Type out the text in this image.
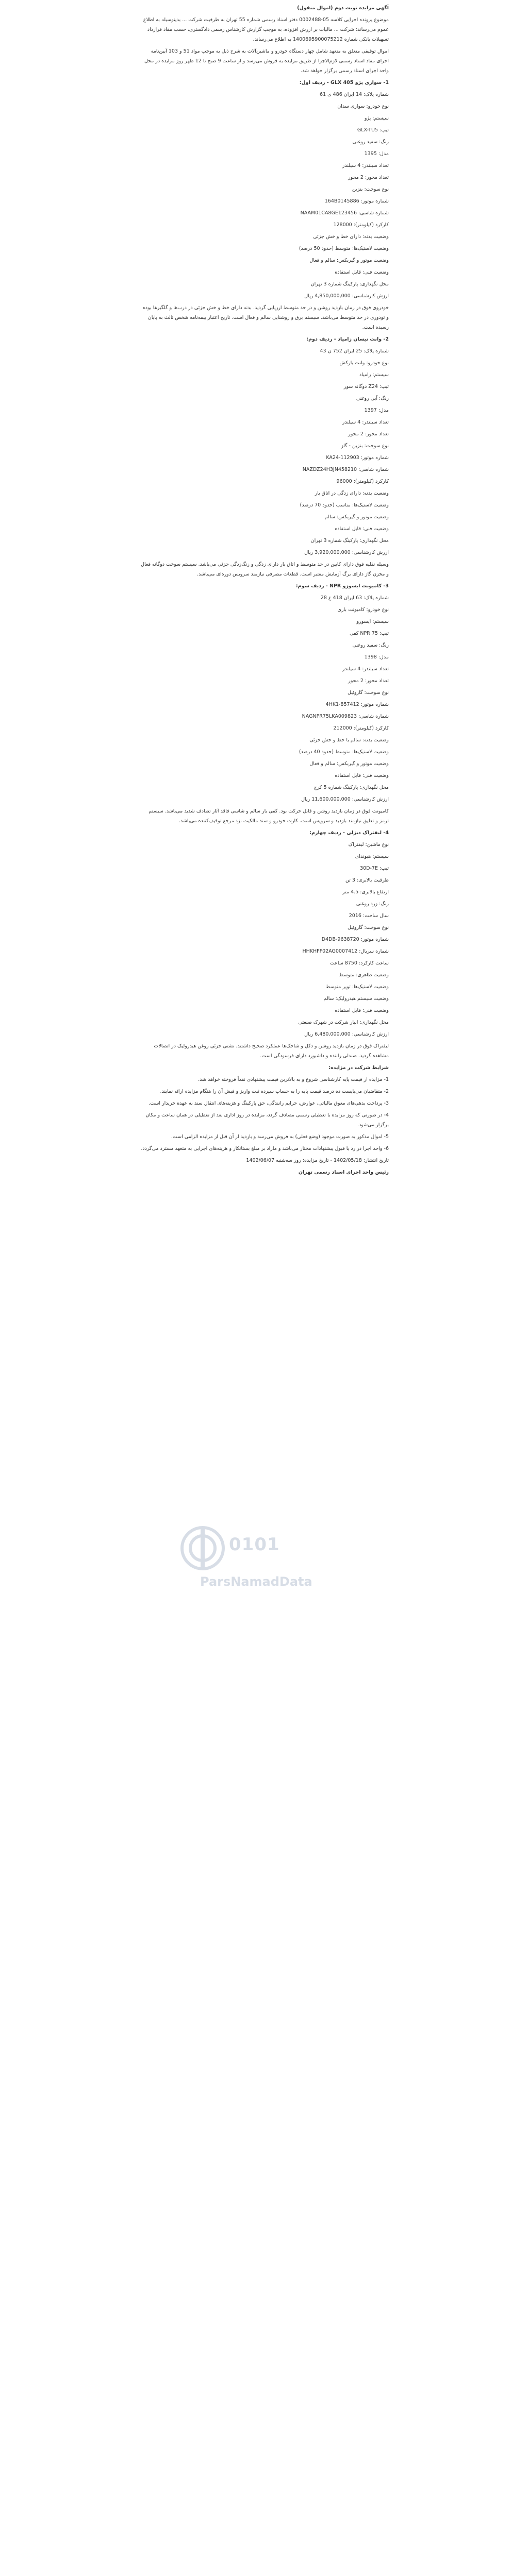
آگهی مزایده نوبت دوم (اموال منقول)

موضوع پرونده اجرایی کلاسه 05-0002488 دفتر اسناد رسمی شماره 55 تهران به طرفیت شرکت ... بدینوسیله به اطلاع عموم می‌رساند: شرکت ... مالیات بر ارزش افزوده، به موجب گزارش کارشناس رسمی دادگستری، حسب مفاد قرارداد تسهیلات بانکی شماره 1400695900075212 به اطلاع می‌رساند.

اموال توقیفی متعلق به متعهد شامل چهار دستگاه خودرو و ماشین‌آلات به شرح ذیل به موجب مواد 51 و 103 آیین‌نامه اجرای مفاد اسناد رسمی لازم‌الاجرا از طریق مزایده به فروش می‌رسد و از ساعت 9 صبح تا 12 ظهر روز مزایده در محل واحد اجرای اسناد رسمی برگزار خواهد شد.

1- سواری پژو 405 GLX - ردیف اول:

شماره پلاک: 14 ایران 486 ی 61

نوع خودرو: سواری سدان

سیستم: پژو

تیپ: GLX-TU5

رنگ: سفید روغنی

مدل: 1395

تعداد سیلندر: 4 سیلندر

تعداد محور: 2 محور

نوع سوخت: بنزین

شماره موتور: 164B0145886

شماره شاسی: NAAM01CA8GE123456

کارکرد (کیلومتر): 128000

وضعیت بدنه: دارای خط و خش جزئی

وضعیت لاستیک‌ها: متوسط (حدود 50 درصد)

وضعیت موتور و گیربکس: سالم و فعال

وضعیت فنی: قابل استفاده

محل نگهداری: پارکینگ شماره 3 تهران

ارزش کارشناسی: 4,850,000,000 ریال

خودروی فوق در زمان بازدید روشن و در حد متوسط ارزیابی گردید. بدنه دارای خط و خش جزئی در درب‌ها و گلگیرها بوده و تودوزی در حد متوسط می‌باشد. سیستم برق و روشنایی سالم و فعال است. تاریخ اعتبار بیمه‌نامه شخص ثالث به پایان رسیده است.

2- وانت نیسان زامیاد - ردیف دوم:

شماره پلاک: 25 ایران 752 ن 43

نوع خودرو: وانت بارکش

سیستم: زامیاد

تیپ: Z24 دوگانه سوز

رنگ: آبی روغنی

مدل: 1397

تعداد سیلندر: 4 سیلندر

تعداد محور: 2 محور

نوع سوخت: بنزین - گاز

شماره موتور: KA24-112903

شماره شاسی: NAZDZ24H3JN458210

کارکرد (کیلومتر): 96000

وضعیت بدنه: دارای زدگی در اتاق بار

وضعیت لاستیک‌ها: مناسب (حدود 70 درصد)

وضعیت موتور و گیربکس: سالم

وضعیت فنی: قابل استفاده

محل نگهداری: پارکینگ شماره 3 تهران

ارزش کارشناسی: 3,920,000,000 ریال

وسیله نقلیه فوق دارای کابین در حد متوسط و اتاق بار دارای زدگی و زنگ‌زدگی جزئی می‌باشد. سیستم سوخت دوگانه فعال و مخزن گاز دارای برگ آزمایش معتبر است. قطعات مصرفی نیازمند سرویس دوره‌ای می‌باشد.

3- کامیونت ایسوزو NPR - ردیف سوم:

شماره پلاک: 63 ایران 418 ع 28

نوع خودرو: کامیونت باری

سیستم: ایسوزو

تیپ: NPR 75 کفی

رنگ: سفید روغنی

مدل: 1398

تعداد سیلندر: 4 سیلندر

تعداد محور: 2 محور

نوع سوخت: گازوئیل

شماره موتور: 4HK1-857412

شماره شاسی: NAGNPR75LKA009823

کارکرد (کیلومتر): 212000

وضعیت بدنه: سالم با خط و خش جزئی

وضعیت لاستیک‌ها: متوسط (حدود 40 درصد)

وضعیت موتور و گیربکس: سالم و فعال

وضعیت فنی: قابل استفاده

محل نگهداری: پارکینگ شماره 5 کرج

ارزش کارشناسی: 11,600,000,000 ریال

کامیونت فوق در زمان بازدید روشن و قابل حرکت بود. کفی بار سالم و شاسی فاقد آثار تصادف شدید می‌باشد. سیستم ترمز و تعلیق نیازمند بازدید و سرویس است. کارت خودرو و سند مالکیت نزد مرجع توقیف‌کننده می‌باشد.

4- لیفتراک دیزلی - ردیف چهارم:

نوع ماشین: لیفتراک

سیستم: هیوندای

تیپ: 30D-7E

ظرفیت بالابری: 3 تن

ارتفاع بالابری: 4.5 متر

رنگ: زرد روغنی

سال ساخت: 2016

نوع سوخت: گازوئیل

شماره موتور: D4DB-9638720

شماره سریال: HHKHFF02AG0007412

ساعت کارکرد: 8750 ساعت

وضعیت ظاهری: متوسط

وضعیت لاستیک‌ها: توپر متوسط

وضعیت سیستم هیدرولیک: سالم

وضعیت فنی: قابل استفاده

محل نگهداری: انبار شرکت در شهرک صنعتی

ارزش کارشناسی: 6,480,000,000 ریال

لیفتراک فوق در زمان بازدید روشن و دکل و شاخک‌ها عملکرد صحیح داشتند. نشتی جزئی روغن هیدرولیک در اتصالات مشاهده گردید. صندلی راننده و داشبورد دارای فرسودگی است.

شرایط شرکت در مزایده:

1- مزایده از قیمت پایه کارشناسی شروع و به بالاترین قیمت پیشنهادی نقداً فروخته خواهد شد.

2- متقاضیان می‌بایست ده درصد قیمت پایه را به حساب سپرده ثبت واریز و فیش آن را هنگام مزایده ارائه نمایند.

3- پرداخت بدهی‌های معوق مالیاتی، عوارض، جرایم رانندگی، حق پارکینگ و هزینه‌های انتقال سند به عهده خریدار است.

4- در صورتی که روز مزایده با تعطیلی رسمی مصادف گردد، مزایده در روز اداری بعد از تعطیلی در همان ساعت و مکان برگزار می‌شود.

5- اموال مذکور به صورت موجود (وضع فعلی) به فروش می‌رسد و بازدید از آن قبل از مزایده الزامی است.

6- واحد اجرا در رد یا قبول پیشنهادات مختار می‌باشد و مازاد بر مبلغ بستانکار و هزینه‌های اجرایی به متعهد مسترد می‌گردد.

تاریخ انتشار: 1402/05/18 - تاریخ مزایده: روز سه‌شنبه 1402/06/07

رئیس واحد اجرای اسناد رسمی تهران

0101
ParsNamadData
